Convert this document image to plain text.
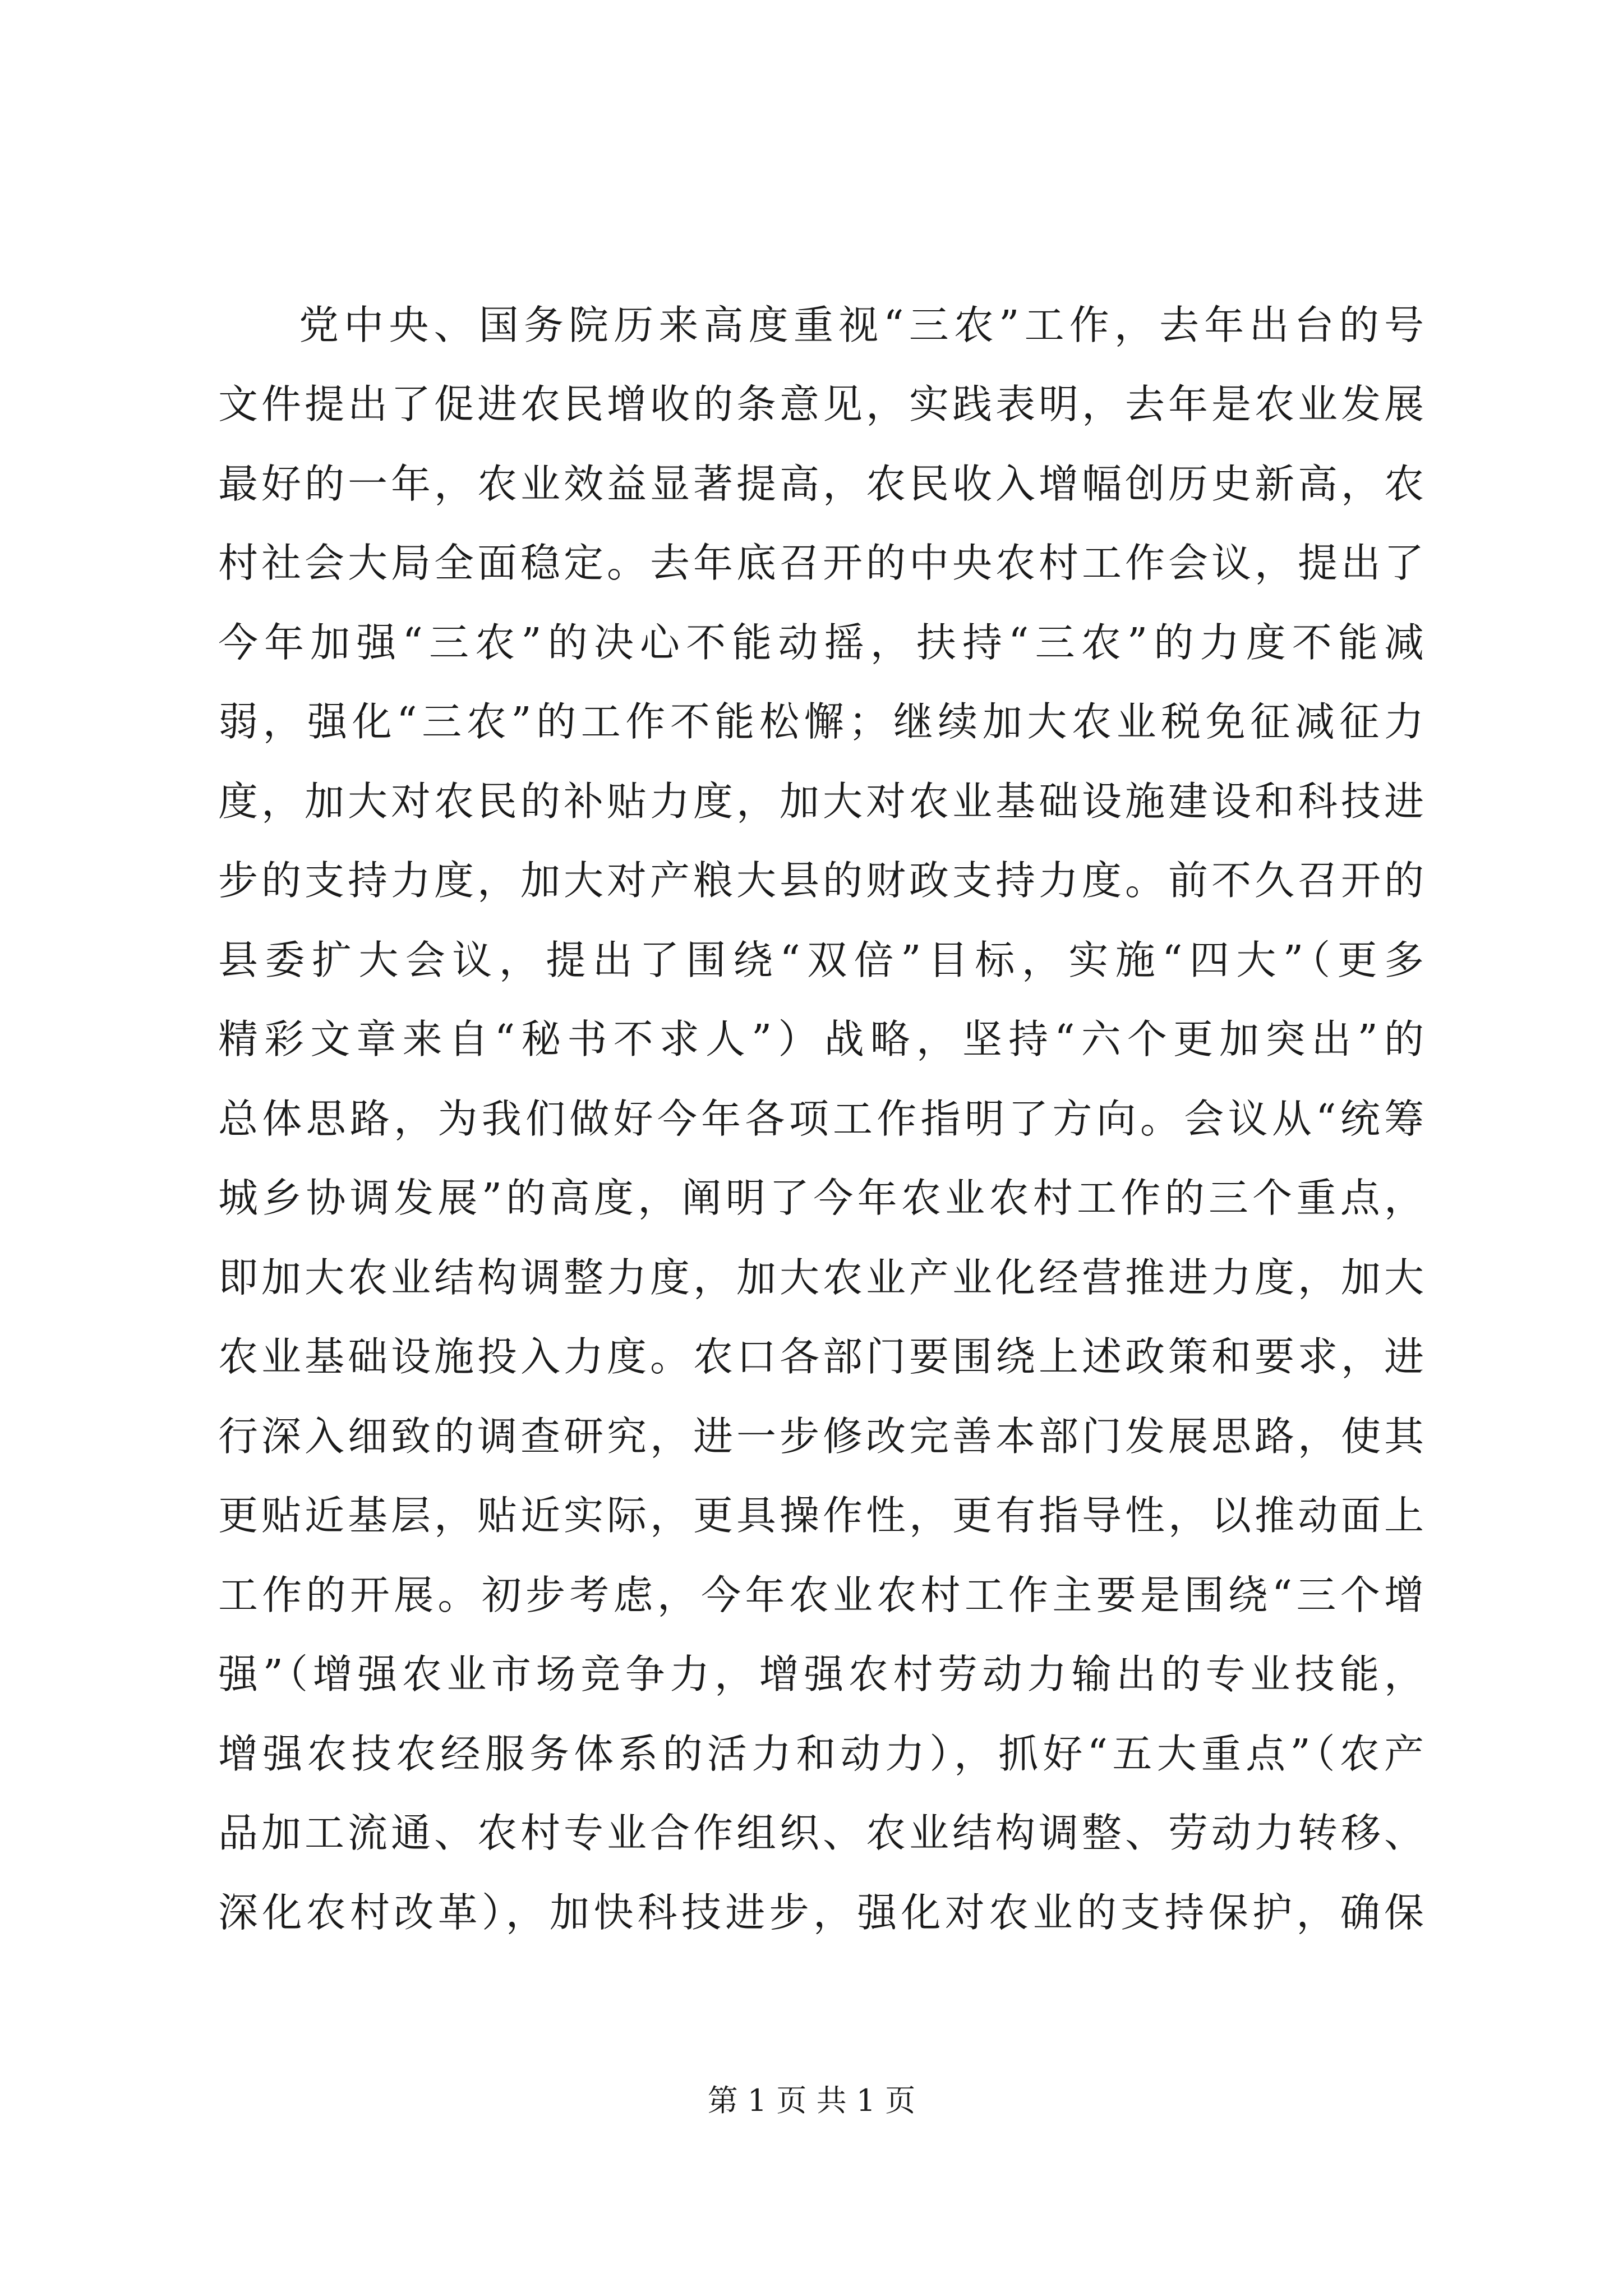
党中央、国务院历来高度重视“三农”工作，去年出台的号

文件提出了促进农民增收的条意见，实践表明，去年是农业发展

最好的一年，农业效益显著提高，农民收入增幅创历史新高，农

村社会大局全面稳定。去年底召开的中央农村工作会议，提出了

今年加强“三农”的决心不能动摇，扶持“三农”的力度不能减

弱，强化“三农”的工作不能松懈；继续加大农业税免征减征力

度，加大对农民的补贴力度，加大对农业基础设施建设和科技进

步的支持力度，加大对产粮大县的财政支持力度。前不久召开的

县委扩大会议，提出了围绕“双倍”目标，实施“四大”（更多

精彩文章来自“秘书不求人”）战略，坚持“六个更加突出”的

总体思路，为我们做好今年各项工作指明了方向。会议从“统筹

城乡协调发展”的高度，阐明了今年农业农村工作的三个重点，

即加大农业结构调整力度，加大农业产业化经营推进力度，加大

农业基础设施投入力度。农口各部门要围绕上述政策和要求，进

行深入细致的调查研究，进一步修改完善本部门发展思路，使其

更贴近基层，贴近实际，更具操作性，更有指导性，以推动面上

工作的开展。初步考虑，今年农业农村工作主要是围绕“三个增

强”（增强农业市场竞争力，增强农村劳动力输出的专业技能，

增强农技农经服务体系的活力和动力），抓好“五大重点”（农产

品加工流通、农村专业合作组织、农业结构调整、劳动力转移、

深化农村改革），加快科技进步，强化对农业的支持保护，确保

第 1 页 共 1 页
